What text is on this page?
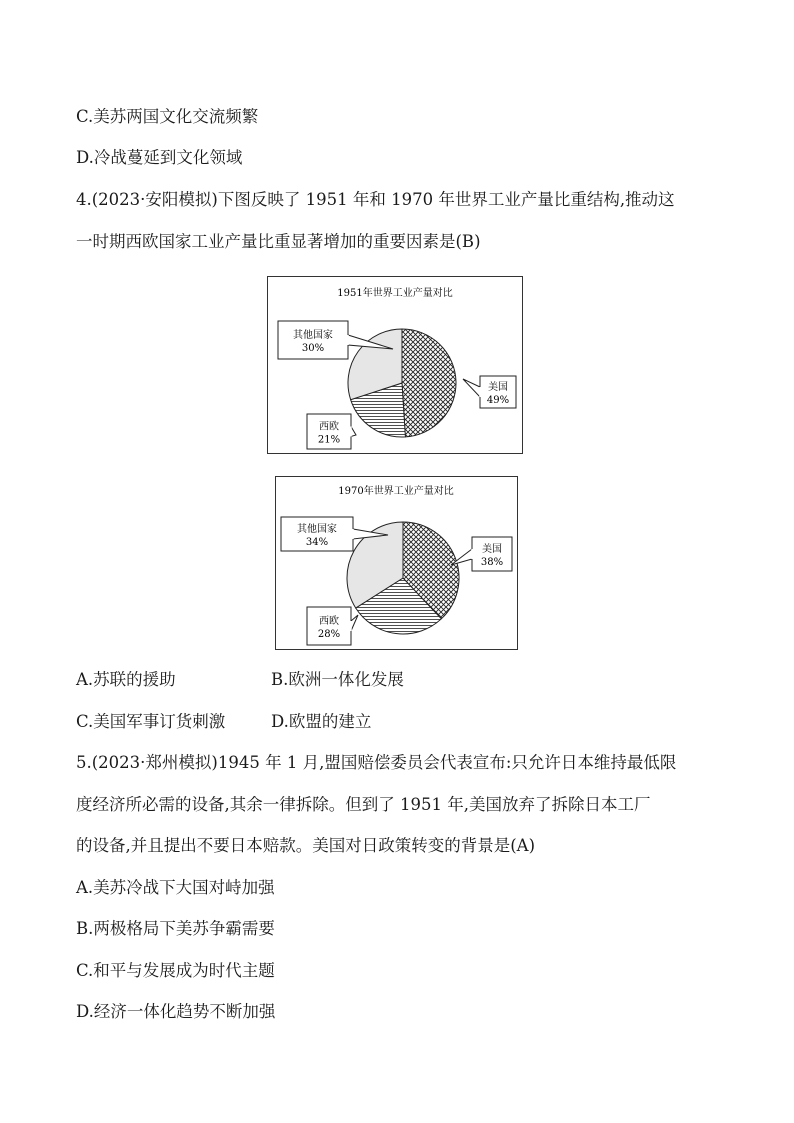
C.美苏两国文化交流频繁
D.冷战蔓延到文化领域
4.(2023·安阳模拟)下图反映了 1951 年和 1970 年世界工业产量比重结构,推动这
一时期西欧国家工业产量比重显著增加的重要因素是(B)
1951年世界工业产量对比
美国
49%
西欧
21%
其他国家
30%
1970年世界工业产量对比
美国
38%
西欧
28%
其他国家
34%
A.苏联的援助	B.欧洲一体化发展
C.美国军事订货刺激	D.欧盟的建立
5.(2023·郑州模拟)1945 年 1 月,盟国赔偿委员会代表宣布:只允许日本维持最低限
度经济所必需的设备,其余一律拆除。但到了 1951 年,美国放弃了拆除日本工厂
的设备,并且提出不要日本赔款。美国对日政策转变的背景是(A)
A.美苏冷战下大国对峙加强
B.两极格局下美苏争霸需要
C.和平与发展成为时代主题
D.经济一体化趋势不断加强
